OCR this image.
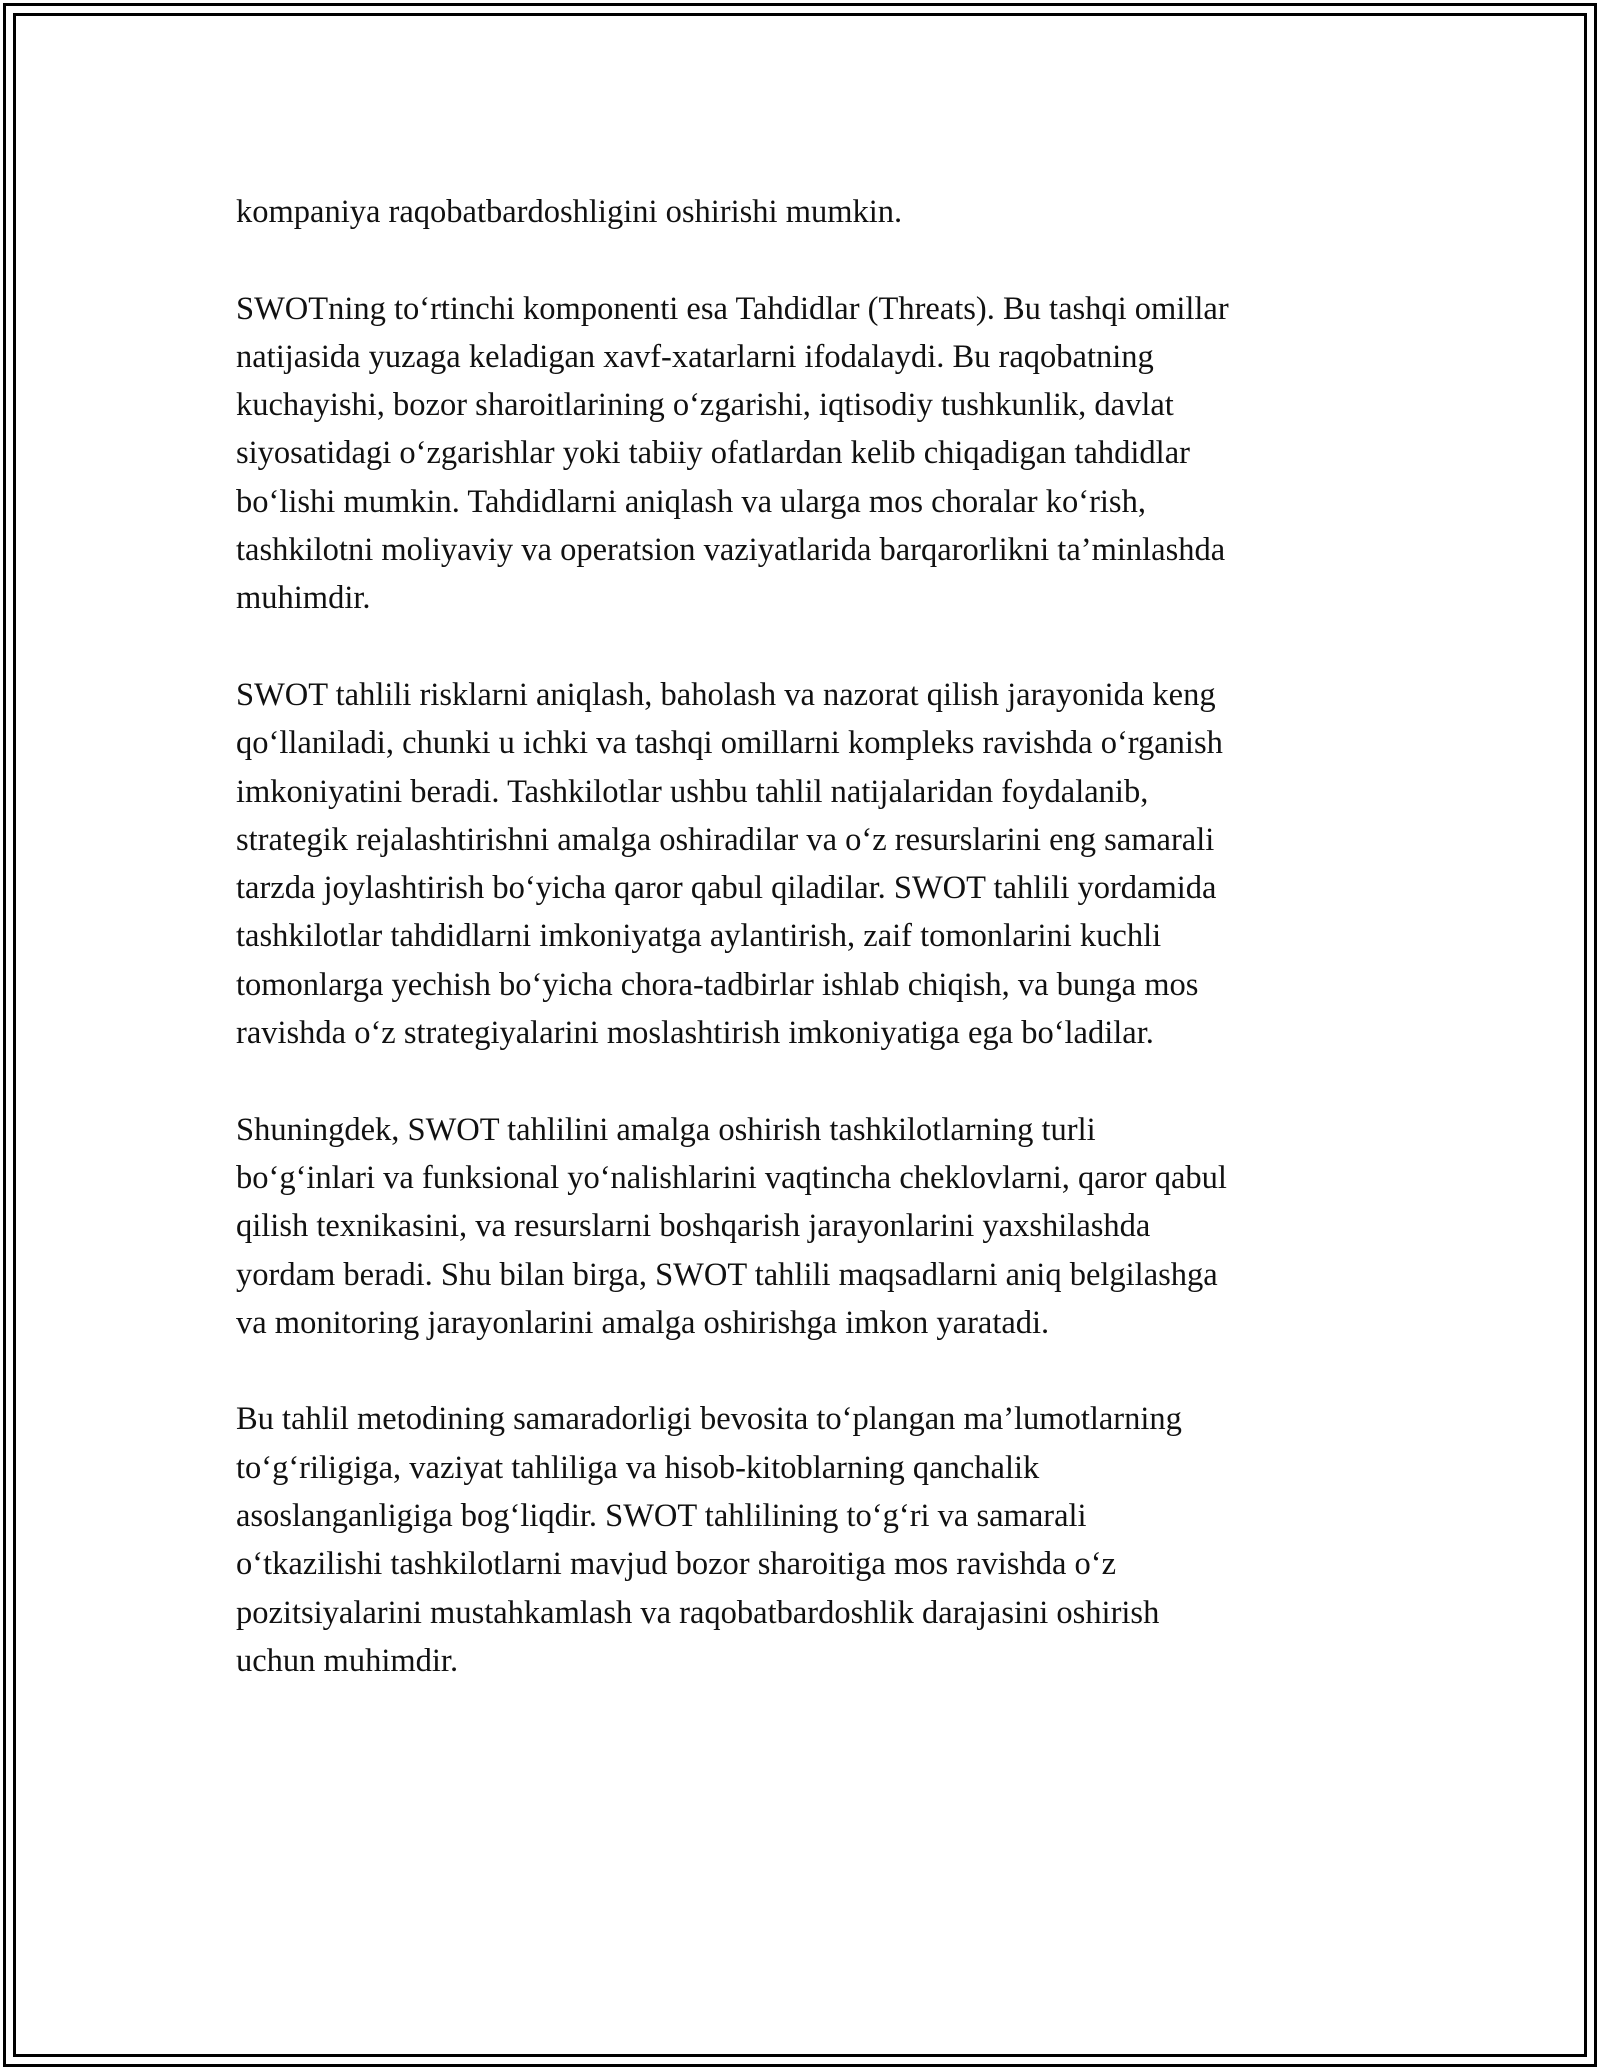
kompaniya raqobatbardoshligini oshirishi mumkin.
SWOTning to‘rtinchi komponenti esa Tahdidlar (Threats). Bu tashqi omillar
natijasida yuzaga keladigan xavf-xatarlarni ifodalaydi. Bu raqobatning
kuchayishi, bozor sharoitlarining o‘zgarishi, iqtisodiy tushkunlik, davlat
siyosatidagi o‘zgarishlar yoki tabiiy ofatlardan kelib chiqadigan tahdidlar
bo‘lishi mumkin. Tahdidlarni aniqlash va ularga mos choralar ko‘rish,
tashkilotni moliyaviy va operatsion vaziyatlarida barqarorlikni ta’minlashda
muhimdir.
SWOT tahlili risklarni aniqlash, baholash va nazorat qilish jarayonida keng
qo‘llaniladi, chunki u ichki va tashqi omillarni kompleks ravishda o‘rganish
imkoniyatini beradi. Tashkilotlar ushbu tahlil natijalaridan foydalanib,
strategik rejalashtirishni amalga oshiradilar va o‘z resurslarini eng samarali
tarzda joylashtirish bo‘yicha qaror qabul qiladilar. SWOT tahlili yordamida
tashkilotlar tahdidlarni imkoniyatga aylantirish, zaif tomonlarini kuchli
tomonlarga yechish bo‘yicha chora-tadbirlar ishlab chiqish, va bunga mos
ravishda o‘z strategiyalarini moslashtirish imkoniyatiga ega bo‘ladilar.
Shuningdek, SWOT tahlilini amalga oshirish tashkilotlarning turli
bo‘g‘inlari va funksional yo‘nalishlarini vaqtincha cheklovlarni, qaror qabul
qilish texnikasini, va resurslarni boshqarish jarayonlarini yaxshilashda
yordam beradi. Shu bilan birga, SWOT tahlili maqsadlarni aniq belgilashga
va monitoring jarayonlarini amalga oshirishga imkon yaratadi.
Bu tahlil metodining samaradorligi bevosita to‘plangan ma’lumotlarning
to‘g‘riligiga, vaziyat tahliliga va hisob-kitoblarning qanchalik
asoslanganligiga bog‘liqdir. SWOT tahlilining to‘g‘ri va samarali
o‘tkazilishi tashkilotlarni mavjud bozor sharoitiga mos ravishda o‘z
pozitsiyalarini mustahkamlash va raqobatbardoshlik darajasini oshirish
uchun muhimdir.
